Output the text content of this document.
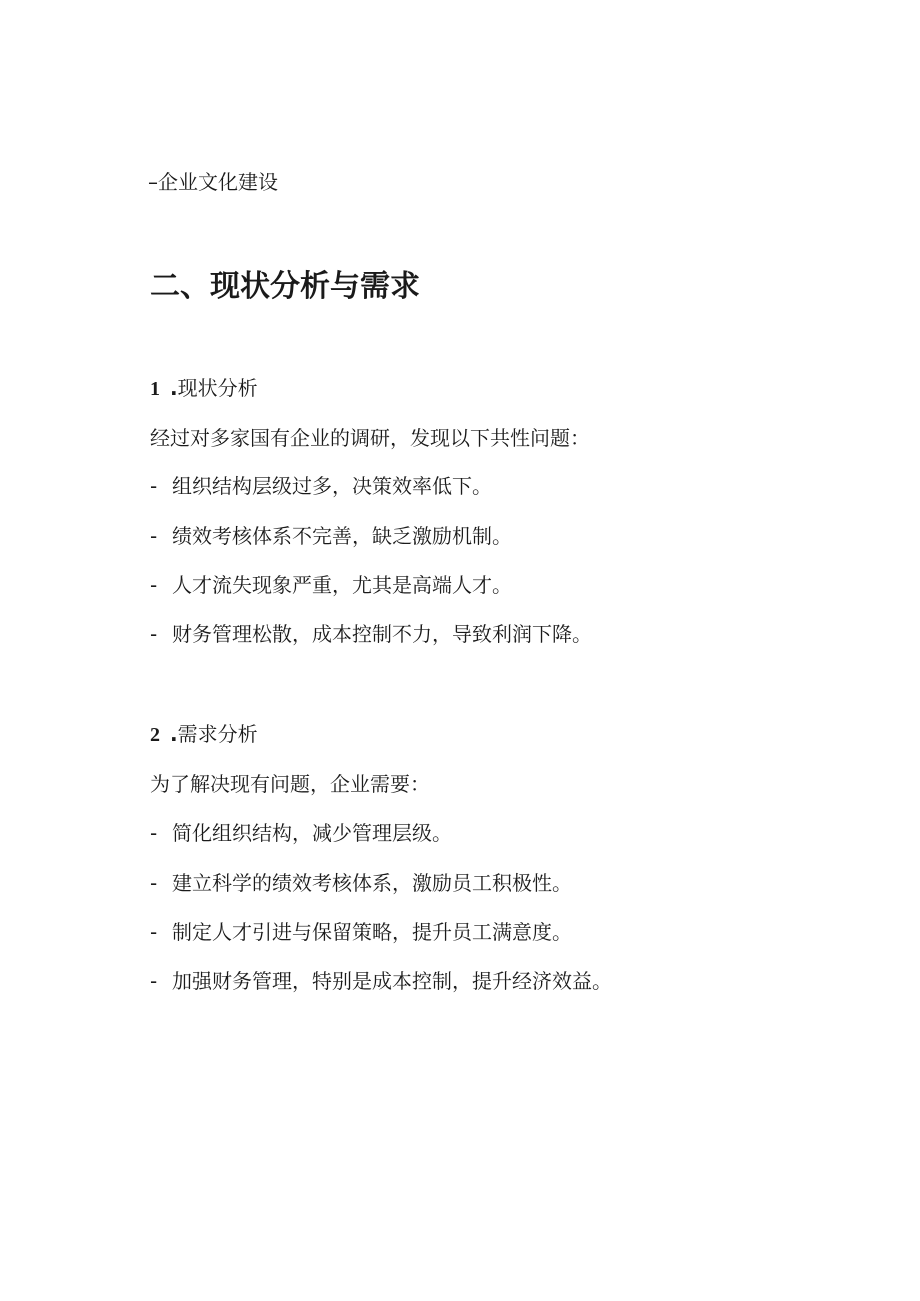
–企业文化建设
二、现状分析与需求
1 .现状分析
经过对多家国有企业的调研，发现以下共性问题：
- 组织结构层级过多，决策效率低下。
- 绩效考核体系不完善，缺乏激励机制。
- 人才流失现象严重，尤其是高端人才。
- 财务管理松散，成本控制不力，导致利润下降。
2 .需求分析
为了解决现有问题，企业需要：
- 简化组织结构，减少管理层级。
- 建立科学的绩效考核体系，激励员工积极性。
- 制定人才引进与保留策略，提升员工满意度。
- 加强财务管理，特别是成本控制，提升经济效益。
